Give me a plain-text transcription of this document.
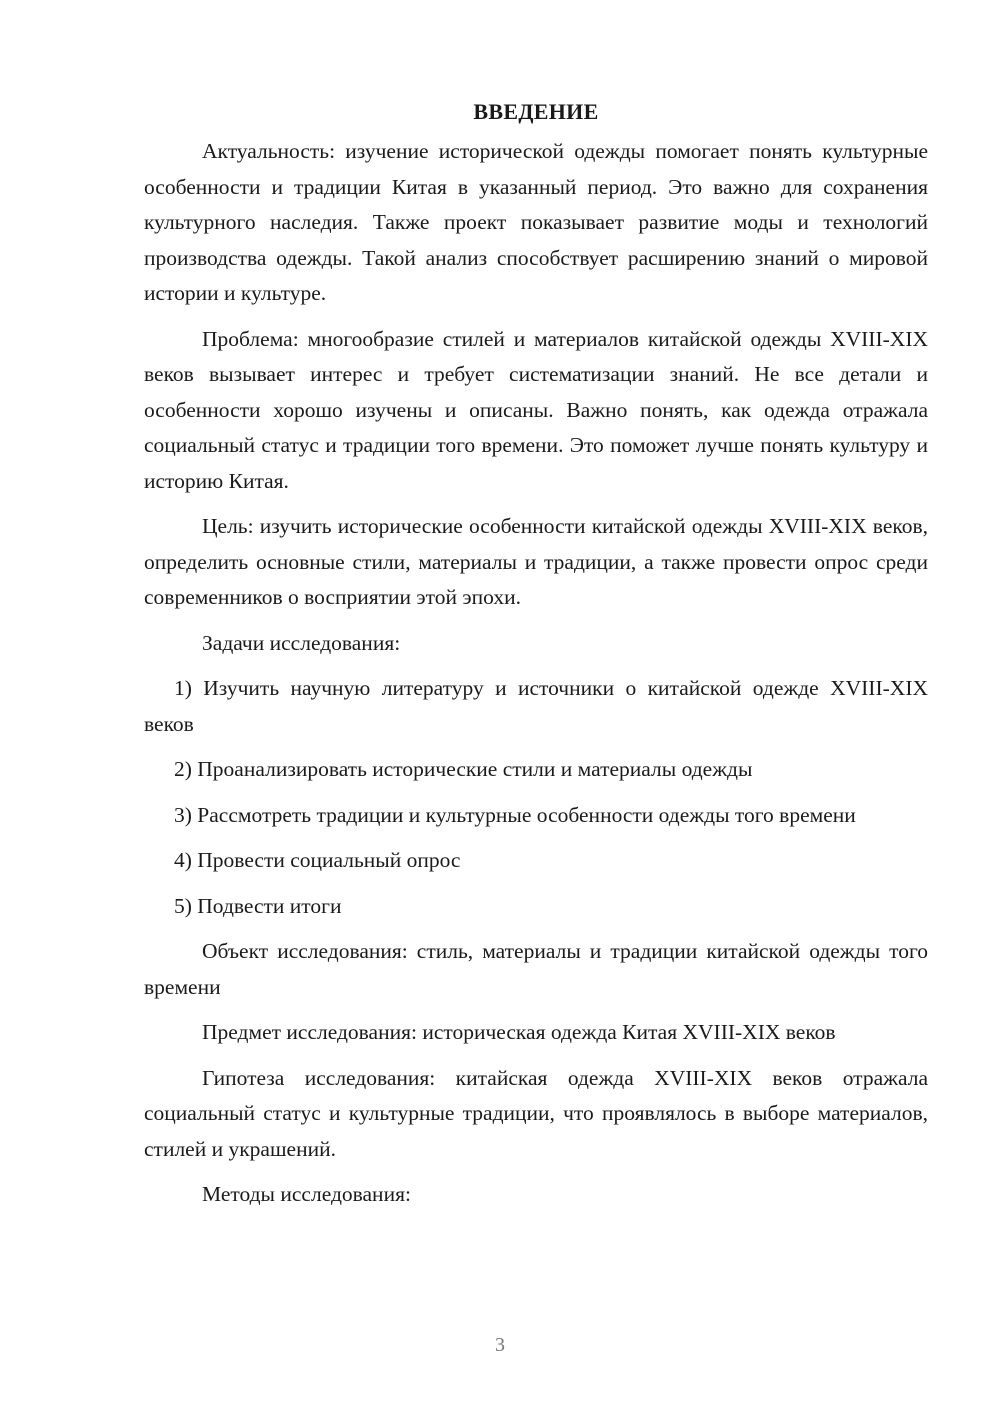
ВВЕДЕНИЕ

Актуальность: изучение исторической одежды помогает понять культурные особенности и традиции Китая в указанный период. Это важно для сохранения культурного наследия. Также проект показывает развитие моды и технологий производства одежды. Такой анализ способствует расширению знаний о мировой истории и культуре.

Проблема: многообразие стилей и материалов китайской одежды XVIII-XIX веков вызывает интерес и требует систематизации знаний. Не все детали и особенности хорошо изучены и описаны. Важно понять, как одежда отражала социальный статус и традиции того времени. Это поможет лучше понять культуру и историю Китая.

Цель: изучить исторические особенности китайской одежды XVIII-XIX веков, определить основные стили, материалы и традиции, а также провести опрос среди современников о восприятии этой эпохи.

Задачи исследования:

1) Изучить научную литературу и источники о китайской одежде XVIII-XIX веков

2) Проанализировать исторические стили и материалы одежды

3) Рассмотреть традиции и культурные особенности одежды того времени

4) Провести социальный опрос

5) Подвести итоги

Объект исследования: стиль, материалы и традиции китайской одежды того времени

Предмет исследования: историческая одежда Китая XVIII-XIX веков

Гипотеза исследования: китайская одежда XVIII-XIX веков отражала социальный статус и культурные традиции, что проявлялось в выборе материалов, стилей и украшений.

Методы исследования:

3
